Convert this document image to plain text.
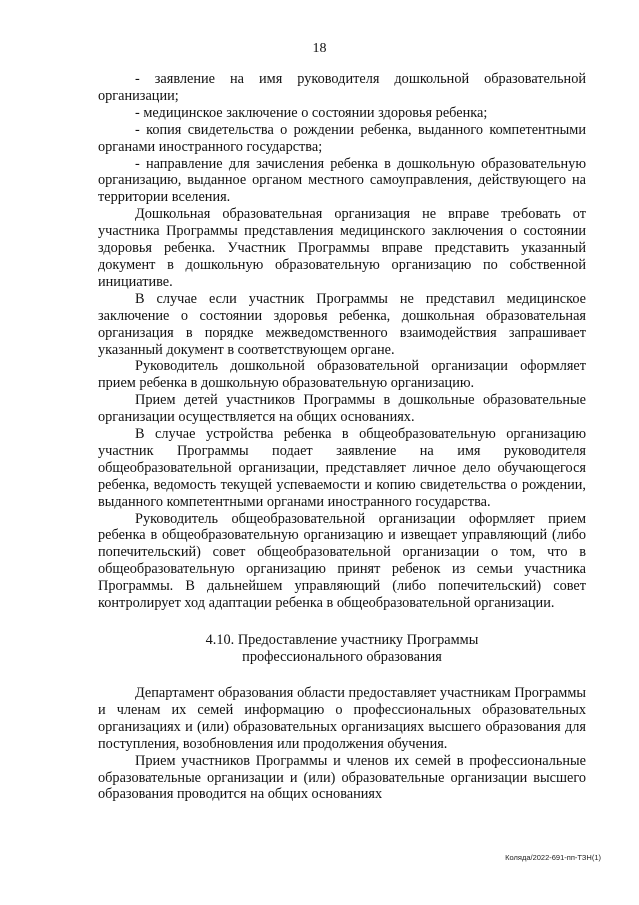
18

- заявление на имя руководителя дошкольной образовательной организации;

- медицинское заключение о состоянии здоровья ребенка;

- копия свидетельства о рождении ребенка, выданного компетентными органами иностранного государства;

- направление для зачисления ребенка в дошкольную образовательную организацию, выданное органом местного самоуправления, действующего на территории вселения.

Дошкольная образовательная организация не вправе требовать от участника Программы представления медицинского заключения о состоянии здоровья ребенка. Участник Программы вправе представить указанный документ в дошкольную образовательную организацию по собственной инициативе.

В случае если участник Программы не представил медицинское заключение о состоянии здоровья ребенка, дошкольная образовательная организация в порядке межведомственного взаимодействия запрашивает указанный документ в соответствующем органе.

Руководитель дошкольной образовательной организации оформляет прием ребенка в дошкольную образовательную организацию.

Прием детей участников Программы в дошкольные образовательные организации осуществляется на общих основаниях.

В случае устройства ребенка в общеобразовательную организацию участник Программы подает заявление на имя руководителя общеобразовательной организации, представляет личное дело обучающегося ребенка, ведомость текущей успеваемости и копию свидетельства о рождении, выданного компетентными органами иностранного государства.

Руководитель общеобразовательной организации оформляет прием ребенка в общеобразовательную организацию и извещает управляющий (либо попечительский) совет общеобразовательной организации о том, что в общеобразовательную организацию принят ребенок из семьи участника Программы. В дальнейшем управляющий (либо попечительский) совет контролирует ход адаптации ребенка в общеобразовательной организации.

4.10. Предоставление участнику Программы
профессионального образования

Департамент образования области предоставляет участникам Программы и членам их семей информацию о профессиональных образовательных организациях и (или) образовательных организациях высшего образования для поступления, возобновления или продолжения обучения.

Прием участников Программы и членов их семей в профессиональные образовательные организации и (или) образовательные организации высшего образования проводится на общих основаниях

Коляда/2022-691-пп-ТЗН(1)
